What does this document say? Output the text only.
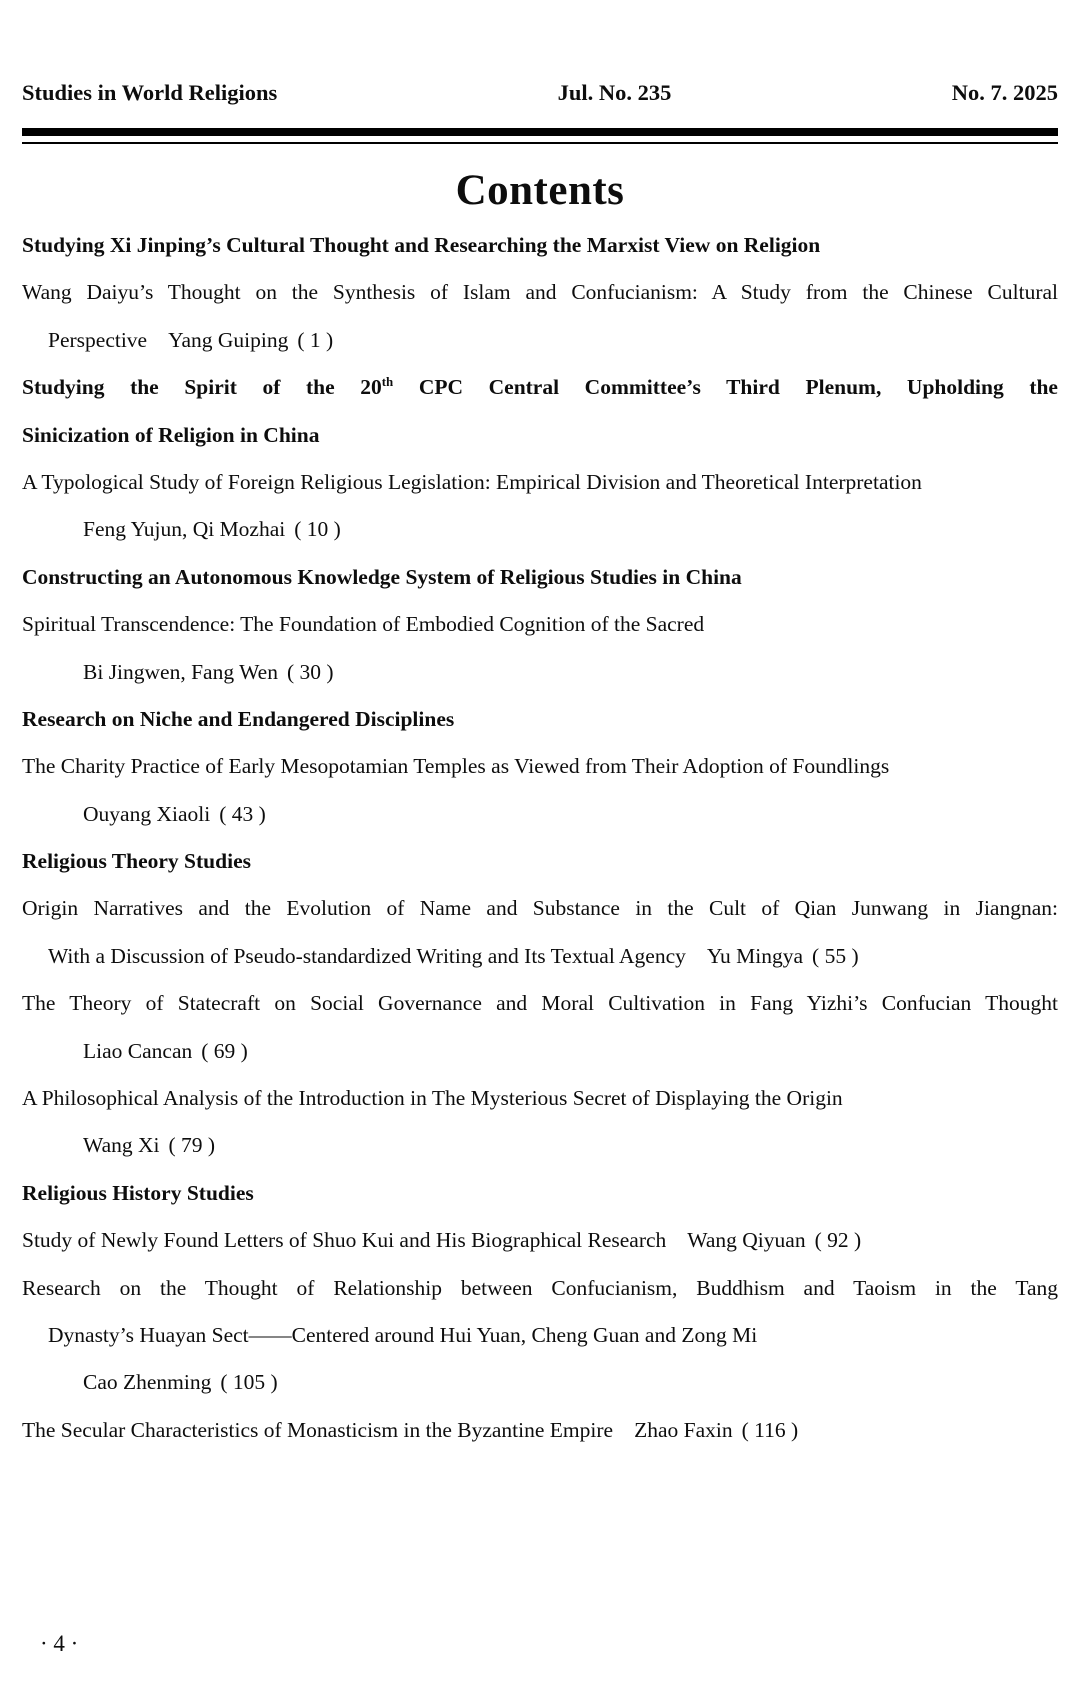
Studies in World Religions	Jul. No. 235	No. 7. 2025
Contents
Studying Xi Jinping’s Cultural Thought and Researching the Marxist View on Religion
Wang Daiyu’s Thought on the Synthesis of Islam and Confucianism: A Study from the Chinese Cultural
Perspective Yang Guiping ( 1 )
Studying the Spirit of the 20th CPC Central Committee’s Third Plenum, Upholding the
Sinicization of Religion in China
A Typological Study of Foreign Religious Legislation: Empirical Division and Theoretical Interpretation
Feng Yujun, Qi Mozhai ( 10 )
Constructing an Autonomous Knowledge System of Religious Studies in China
Spiritual Transcendence: The Foundation of Embodied Cognition of the Sacred
Bi Jingwen, Fang Wen ( 30 )
Research on Niche and Endangered Disciplines
The Charity Practice of Early Mesopotamian Temples as Viewed from Their Adoption of Foundlings
Ouyang Xiaoli ( 43 )
Religious Theory Studies
Origin Narratives and the Evolution of Name and Substance in the Cult of Qian Junwang in Jiangnan:
With a Discussion of Pseudo-standardized Writing and Its Textual Agency Yu Mingya ( 55 )
The Theory of Statecraft on Social Governance and Moral Cultivation in Fang Yizhi’s Confucian Thought
Liao Cancan ( 69 )
A Philosophical Analysis of the Introduction in The Mysterious Secret of Displaying the Origin
Wang Xi ( 79 )
Religious History Studies
Study of Newly Found Letters of Shuo Kui and His Biographical Research Wang Qiyuan ( 92 )
Research on the Thought of Relationship between Confucianism, Buddhism and Taoism in the Tang
Dynasty’s Huayan Sect——Centered around Hui Yuan, Cheng Guan and Zong Mi
Cao Zhenming ( 105 )
The Secular Characteristics of Monasticism in the Byzantine Empire Zhao Faxin ( 116 )
· 4 ·
